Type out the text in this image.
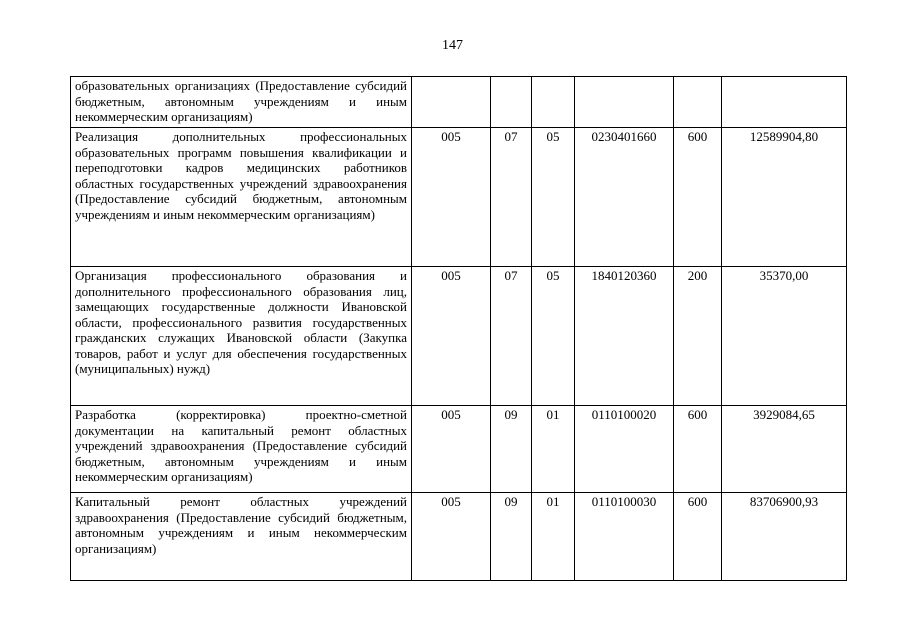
147
образовательных организациях (Предоставление субсидий бюджетным, автономным учреждениям и иным некоммерческим организациям)						
Реализация дополнительных профессиональных образовательных программ повышения квалификации и переподготовки кадров медицинских работников областных государственных учреждений здравоохранения (Предоставление субсидий бюджетным, автономным учреждениям и иным некоммерческим организациям)	005	07	05	0230401660	600	12589904,80
Организация профессионального образования и дополнительного профессионального образования лиц, замещающих государственные должности Ивановской области, профессионального развития государственных гражданских служащих Ивановской области (Закупка товаров, работ и услуг для обеспечения государственных (муниципальных) нужд)	005	07	05	1840120360	200	35370,00
Разработка (корректировка) проектно-сметной документации на капитальный ремонт областных учреждений здравоохранения (Предоставление субсидий бюджетным, автономным учреждениям и иным некоммерческим организациям)	005	09	01	0110100020	600	3929084,65
Капитальный ремонт областных учреждений здравоохранения (Предоставление субсидий бюджетным, автономным учреждениям и иным некоммерческим организациям)	005	09	01	0110100030	600	83706900,93
